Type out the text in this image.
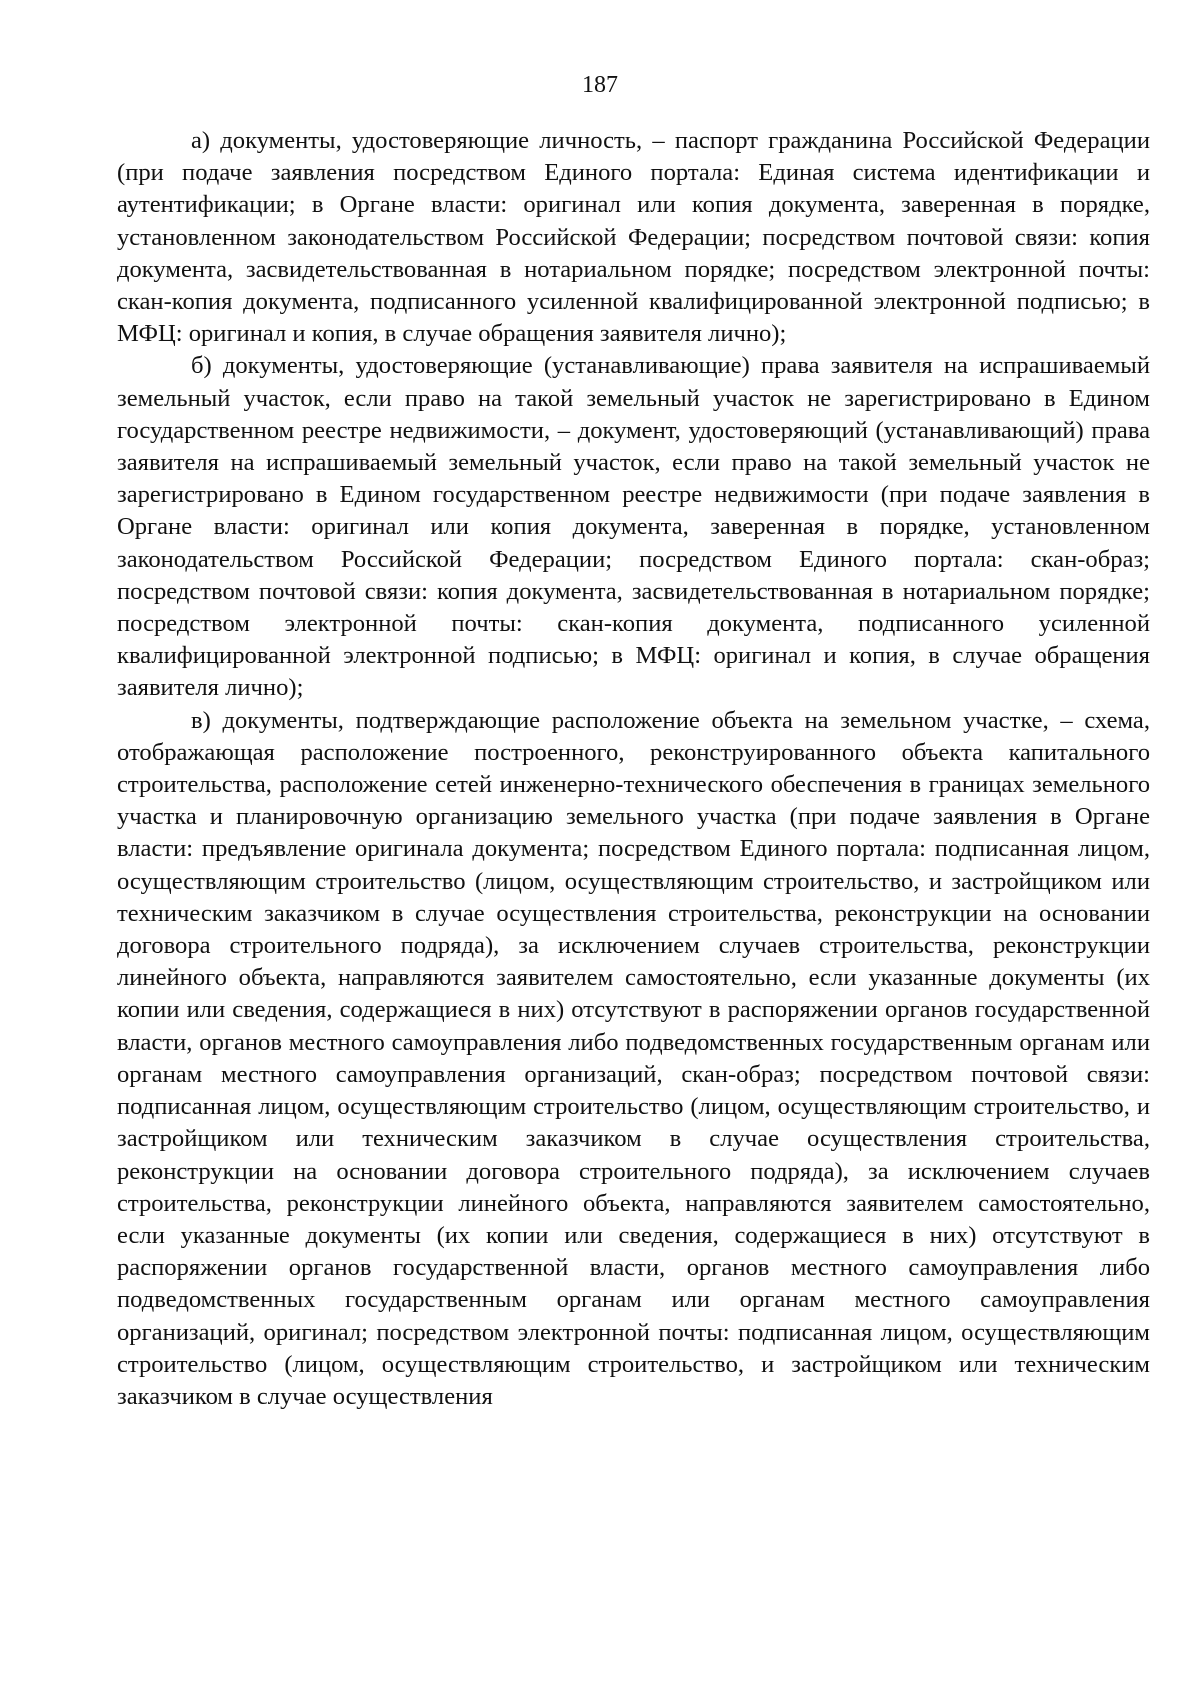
187

а) документы, удостоверяющие личность, – паспорт гражданина Российской Федерации (при подаче заявления посредством Единого портала: Единая система идентификации и аутентификации; в Органе власти: оригинал или копия документа, заверенная в порядке, установленном законодательством Российской Федерации; посредством почтовой связи: копия документа, засвидетельствованная в нотариальном порядке; посредством электронной почты: скан-копия документа, подписанного усиленной квалифицированной электронной подписью; в МФЦ: оригинал и копия, в случае обращения заявителя лично);

б) документы, удостоверяющие (устанавливающие) права заявителя на испрашиваемый земельный участок, если право на такой земельный участок не зарегистрировано в Едином государственном реестре недвижимости, – документ, удостоверяющий (устанавливающий) права заявителя на испрашиваемый земельный участок, если право на такой земельный участок не зарегистрировано в Едином государственном реестре недвижимости (при подаче заявления в Органе власти: оригинал или копия документа, заверенная в порядке, установленном законодательством Российской Федерации; посредством Единого портала: скан-образ; посредством почтовой связи: копия документа, засвидетельствованная в нотариальном порядке; посредством электронной почты: скан-копия документа, подписанного усиленной квалифицированной электронной подписью; в МФЦ: оригинал и копия, в случае обращения заявителя лично);

в) документы, подтверждающие расположение объекта на земельном участке, – схема, отображающая расположение построенного, реконструированного объекта капитального строительства, расположение сетей инженерно-технического обеспечения в границах земельного участка и планировочную организацию земельного участка (при подаче заявления в Органе власти: предъявление оригинала документа; посредством Единого портала: подписанная лицом, осуществляющим строительство (лицом, осуществляющим строительство, и застройщиком или техническим заказчиком в случае осуществления строительства, реконструкции на основании договора строительного подряда), за исключением случаев строительства, реконструкции линейного объекта, направляются заявителем самостоятельно, если указанные документы (их копии или сведения, содержащиеся в них) отсутствуют в распоряжении органов государственной власти, органов местного самоуправления либо подведомственных государственным органам или органам местного самоуправления организаций, скан-образ; посредством почтовой связи: подписанная лицом, осуществляющим строительство (лицом, осуществляющим строительство, и застройщиком или техническим заказчиком в случае осуществления строительства, реконструкции на основании договора строительного подряда), за исключением случаев строительства, реконструкции линейного объекта, направляются заявителем самостоятельно, если указанные документы (их копии или сведения, содержащиеся в них) отсутствуют в распоряжении органов государственной власти, органов местного самоуправления либо подведомственных государственным органам или органам местного самоуправления организаций, оригинал; посредством электронной почты: подписанная лицом, осуществляющим строительство (лицом, осуществляющим строительство, и застройщиком или техническим заказчиком в случае осуществления
